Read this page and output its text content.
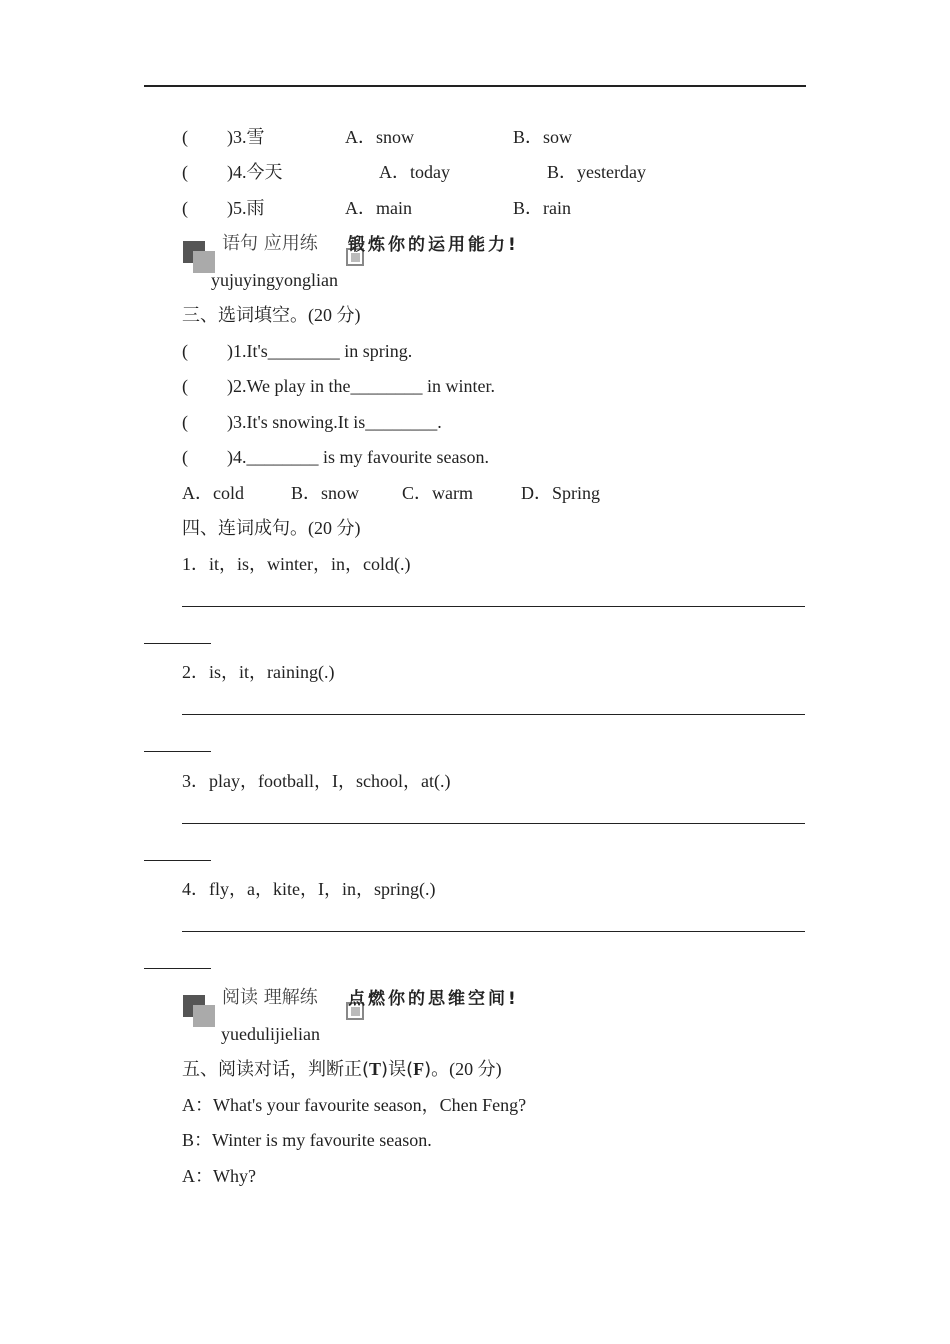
( )3.雪	A．snow	B．sow
( )4.今天	A．today	B．yesterday
( )5.雨	A．main	B．rain
语句 应用练 锻炼你的运用能力!
yujuyingyonglian
三、选词填空。(20 分)
( )1.It's________ in spring.
( )2.We play in the________ in winter.
( )3.It's snowing.It is________.
( )4.________ is my favourite season.
A．cold	B．snow C．warm	D．Spring
四、连词成句。(20 分)
1．it，is，winter，in，cold(.)
2．is，it，raining(.)
3．play，football，I，school，at(.)
4．fly，a，kite，I，in，spring(.)
阅读 理解练 点燃你的思维空间!
yuedulijielian
五、阅读对话，判断正(T)误(F)。(20 分)
A：What's your favourite season，Chen Feng?
B：Winter is my favourite season.
A：Why?
